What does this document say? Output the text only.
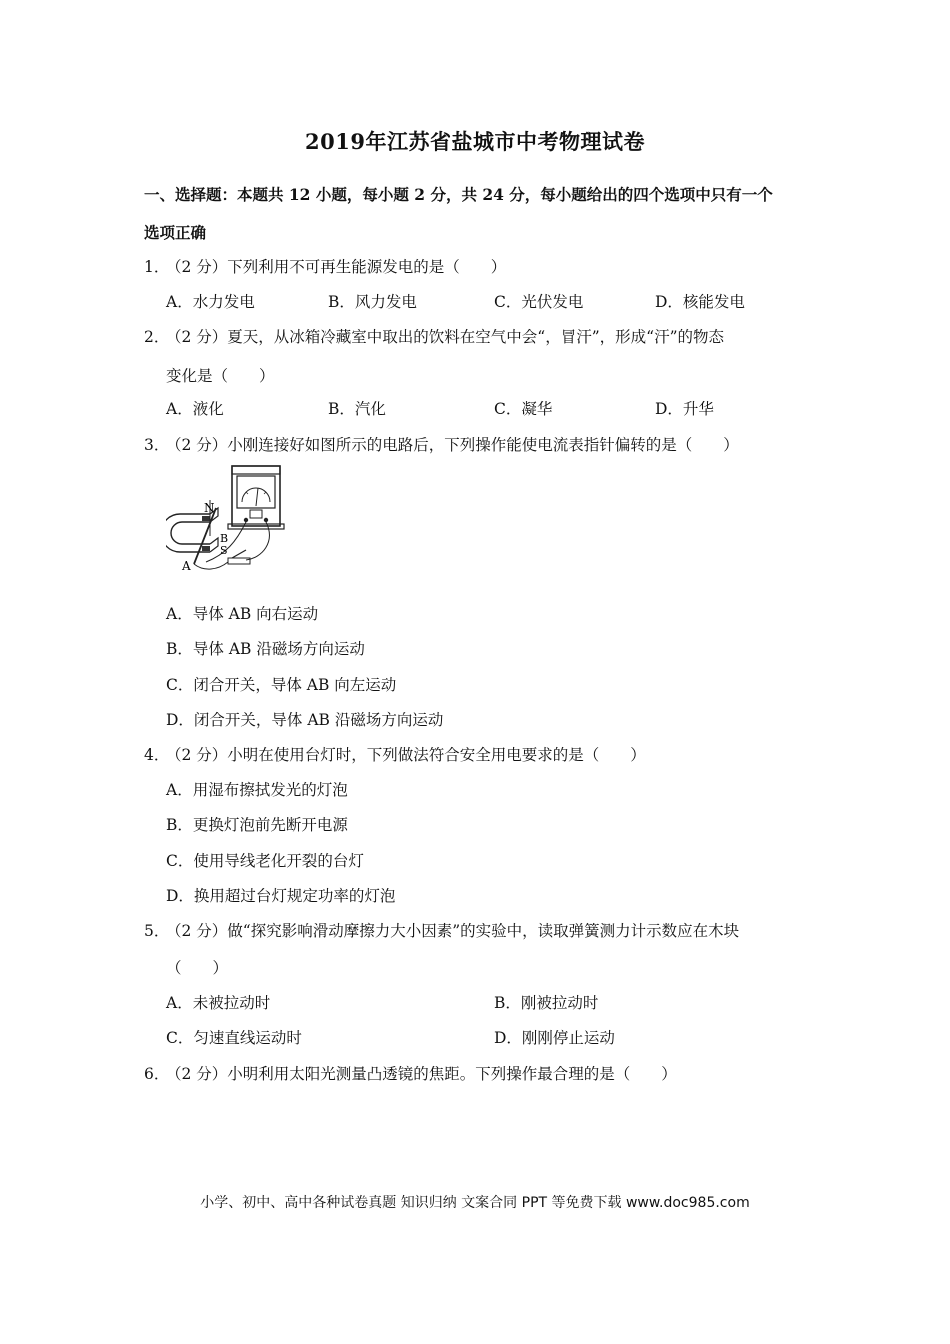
2019年江苏省盐城市中考物理试卷
一、选择题：本题共 12 小题，每小题 2 分，共 24 分，每小题给出的四个选项中只有一个
选项正确
1．（2 分）下列利用不可再生能源发电的是（　　）
A．水力发电	B．风力发电	C．光伏发电	D．核能发电
2．（2 分）夏天，从冰箱冷藏室中取出的饮料在空气中会“，冒汗”，形成“汗”的物态
变化是（　　）
A．液化	B．汽化	C．凝华	D．升华
3．（2 分）小刚连接好如图所示的电路后，下列操作能使电流表指针偏转的是（　　）
N
B
S
A
A．导体 AB 向右运动
B．导体 AB 沿磁场方向运动
C．闭合开关，导体 AB 向左运动
D．闭合开关，导体 AB 沿磁场方向运动
4．（2 分）小明在使用台灯时，下列做法符合安全用电要求的是（　　）
A．用湿布擦拭发光的灯泡
B．更换灯泡前先断开电源
C．使用导线老化开裂的台灯
D．换用超过台灯规定功率的灯泡
5．（2 分）做“探究影响滑动摩擦力大小因素”的实验中，读取弹簧测力计示数应在木块
（　　）
A．未被拉动时	B．刚被拉动时
C．匀速直线运动时	D．刚刚停止运动
6．（2 分）小明利用太阳光测量凸透镜的焦距。下列操作最合理的是（　　）
小学、初中、高中各种试卷真题 知识归纳 文案合同 PPT 等免费下载 www.doc985.com
